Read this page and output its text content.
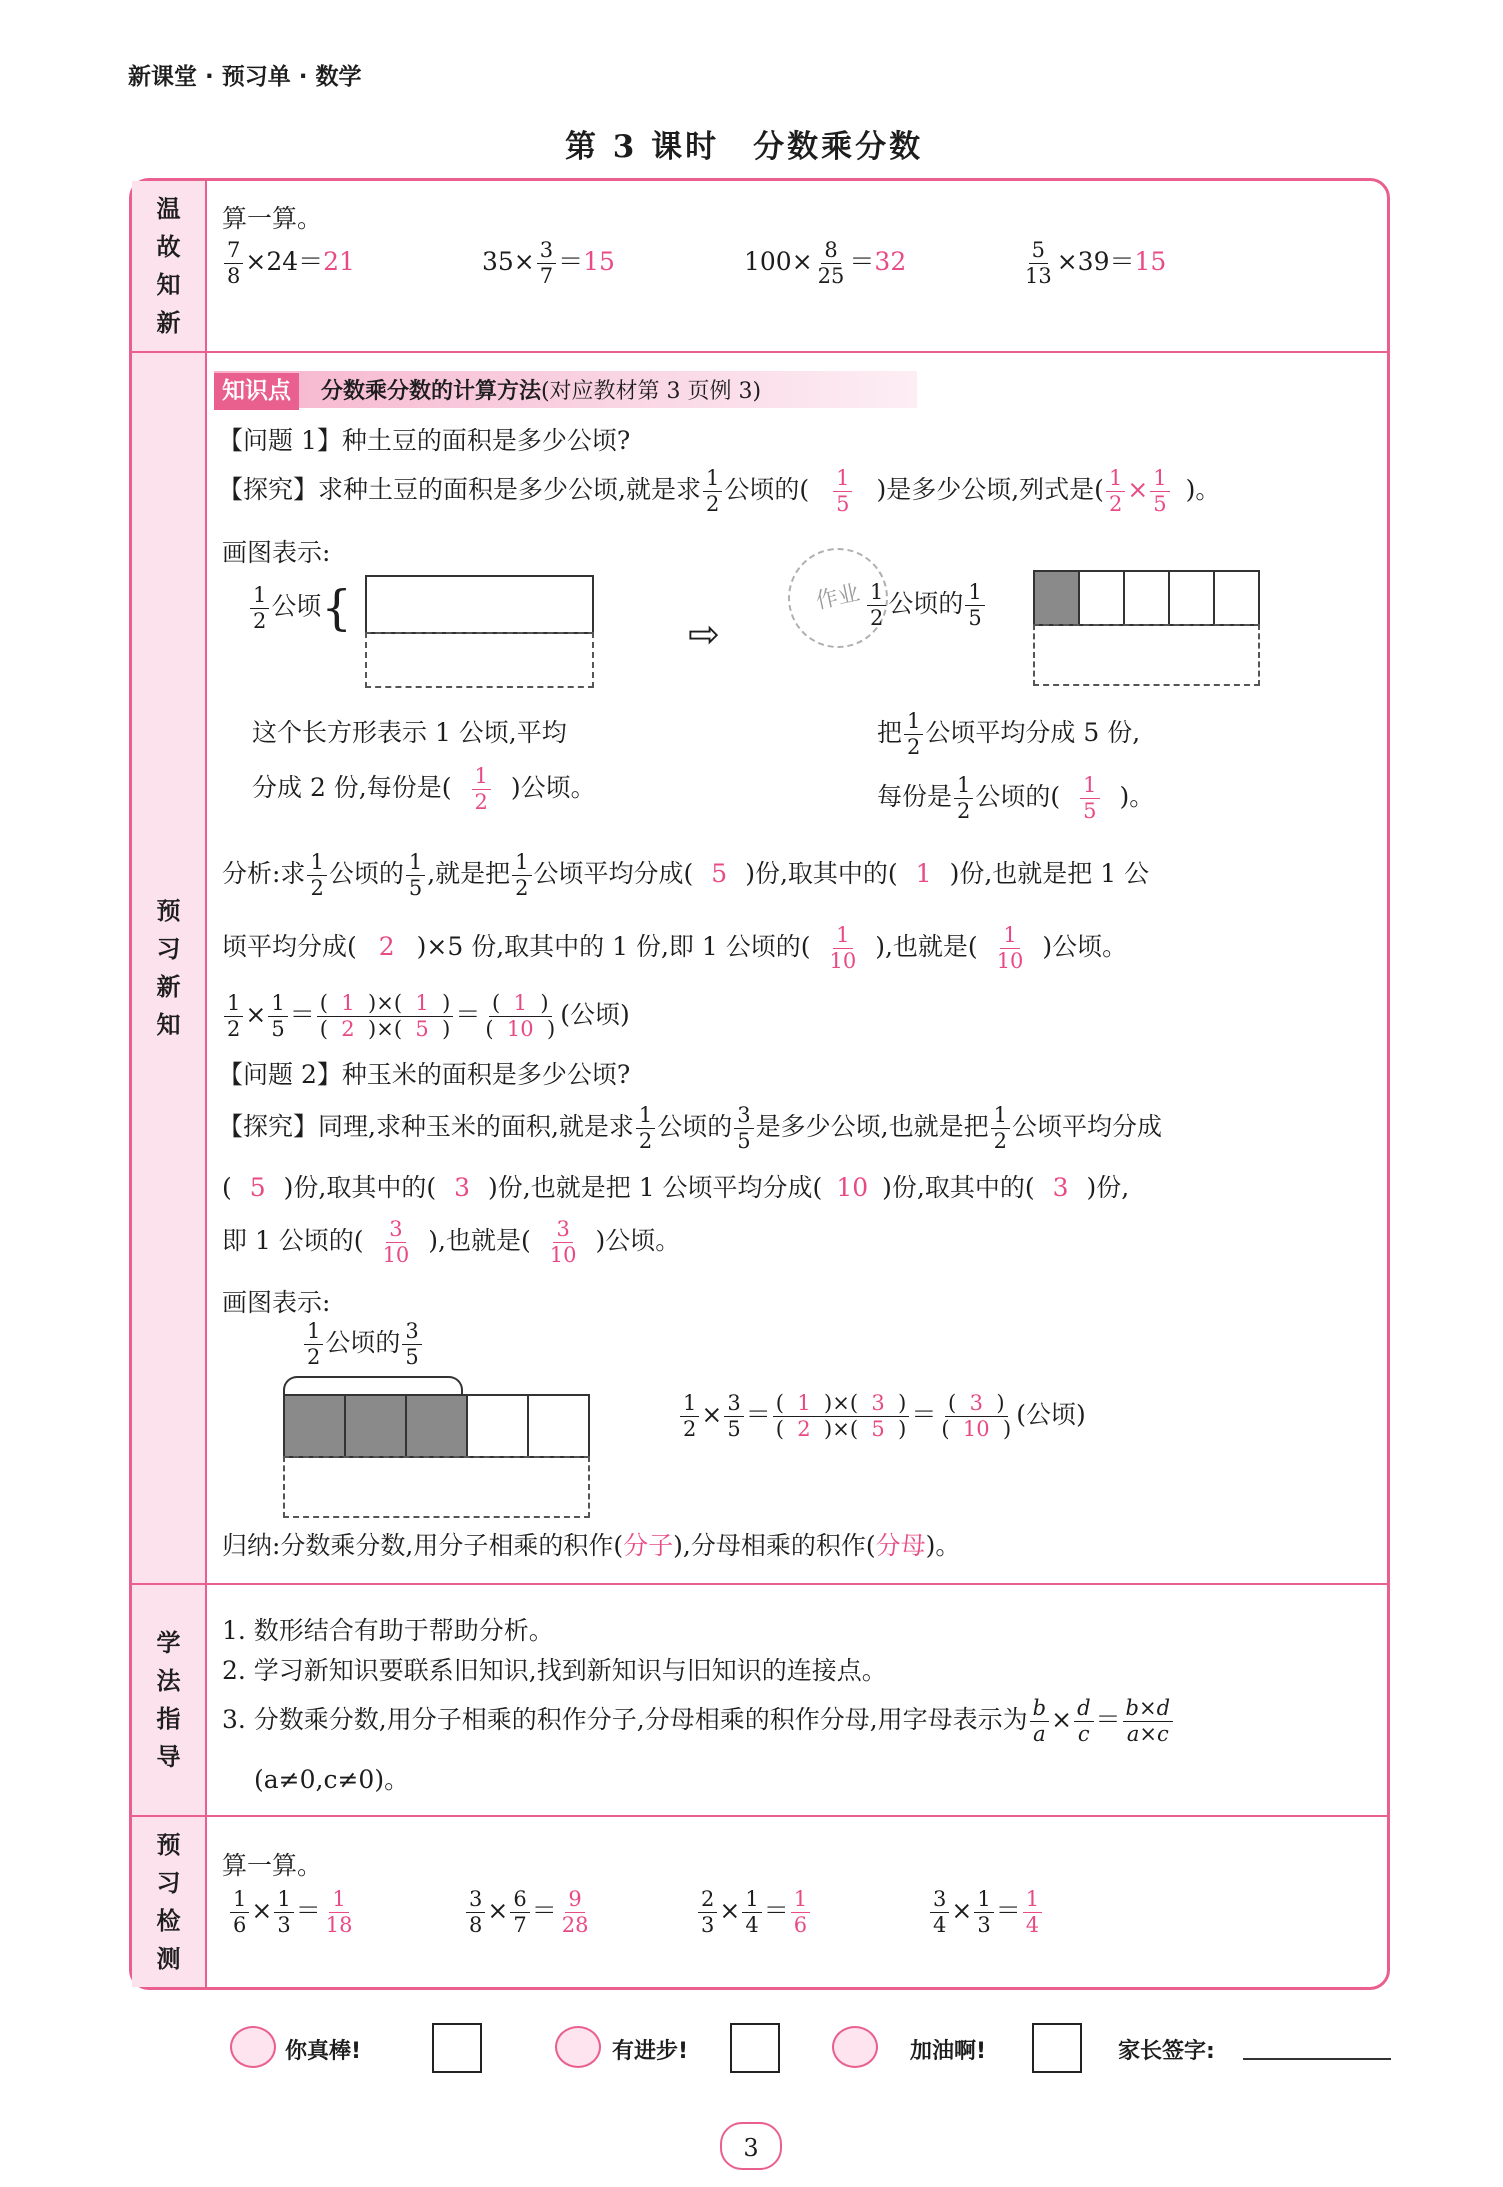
新课堂 · 预习单 · 数学
第 3 课时　分数乘分数
温
故
知
新
预
习
新
知
学
法
指
导
预
习
检
测
算一算。
$\frac{7}{8} \times 24=21$	$35\times \frac{3}{7} =15$	$100\times \frac{8}{25} =32$	$\frac{5}{13} \times 39=15$
知识点 分数乘分数的计算方法(对应教材第 3 页例 3)
【问题 1】种土豆的面积是多少公顷?
【探究】求种土豆的面积是多少公顷,就是求 $\frac{1}{2}$ 公顷的( $\frac{1}{5}$ )是多少公顷,列式是( $\frac{1}{2} \times \frac{1}{5}$ )。
画图表示:
$\frac{1}{2}$ 公顷{	⇨
作业 $\frac{1}{2}$ 公顷的 $\frac{1}{5}$
这个长方形表示 1 公顷,平均
分成 2 份,每份是( $\frac{1}{2}$ )公顷。
把 $\frac{1}{2}$ 公顷平均分成 5 份,
每份是 $\frac{1}{2}$ 公顷的( $\frac{1}{5}$ )。
分析:求 $\frac{1}{2}$ 公顷的 $\frac{1}{5}$ ,就是把 $\frac{1}{2}$ 公顷平均分成( 5 )份,取其中的( 1 )份,也就是把 1 公
顷平均分成( 2 )×5 份,取其中的 1 份,即 1 公顷的( $\frac{1}{10}$ ),也就是( $\frac{1}{10}$ )公顷。
$\frac{1}{2} \times \frac{1}{5} = \frac{( 1 )\times( 1 )}{( 2 )\times( 5 )} = \frac{( 1 )}{( 10 )}$ (公顷)
【问题 2】种玉米的面积是多少公顷?
【探究】同理,求种玉米的面积,就是求 $\frac{1}{2}$ 公顷的 $\frac{3}{5}$ 是多少公顷,也就是把 $\frac{1}{2}$ 公顷平均分成
( 5 )份,取其中的( 3 )份,也就是把 1 公顷平均分成( 10 )份,取其中的( 3 )份,
即 1 公顷的( $\frac{3}{10}$ ),也就是( $\frac{3}{10}$ )公顷。
画图表示:
$\frac{1}{2}$ 公顷的 $\frac{3}{5}$
$\frac{1}{2} \times \frac{3}{5} = \frac{( 1 )\times( 3 )}{( 2 )\times( 5 )} = \frac{( 3 )}{( 10 )}$ (公顷)
归纳:分数乘分数,用分子相乘的积作(分子),分母相乘的积作(分母)。
1. 数形结合有助于帮助分析。
2. 学习新知识要联系旧知识,找到新知识与旧知识的连接点。
3. 分数乘分数,用分子相乘的积作分子,分母相乘的积作分母,用字母表示为 $\frac{b}{a} \times \frac{d}{c} = \frac{b\times d}{a\times c}$
(a≠0,c≠0)。
算一算。
$\frac{1}{6} \times \frac{1}{3} = \frac{1}{18}$	$\frac{3}{8} \times \frac{6}{7} = \frac{9}{28}$	$\frac{2}{3} \times \frac{1}{4} = \frac{1}{6}$	$\frac{3}{4} \times \frac{1}{3} = \frac{1}{4}$
你真棒!	有进步!	加油啊!	家长签字:
3
